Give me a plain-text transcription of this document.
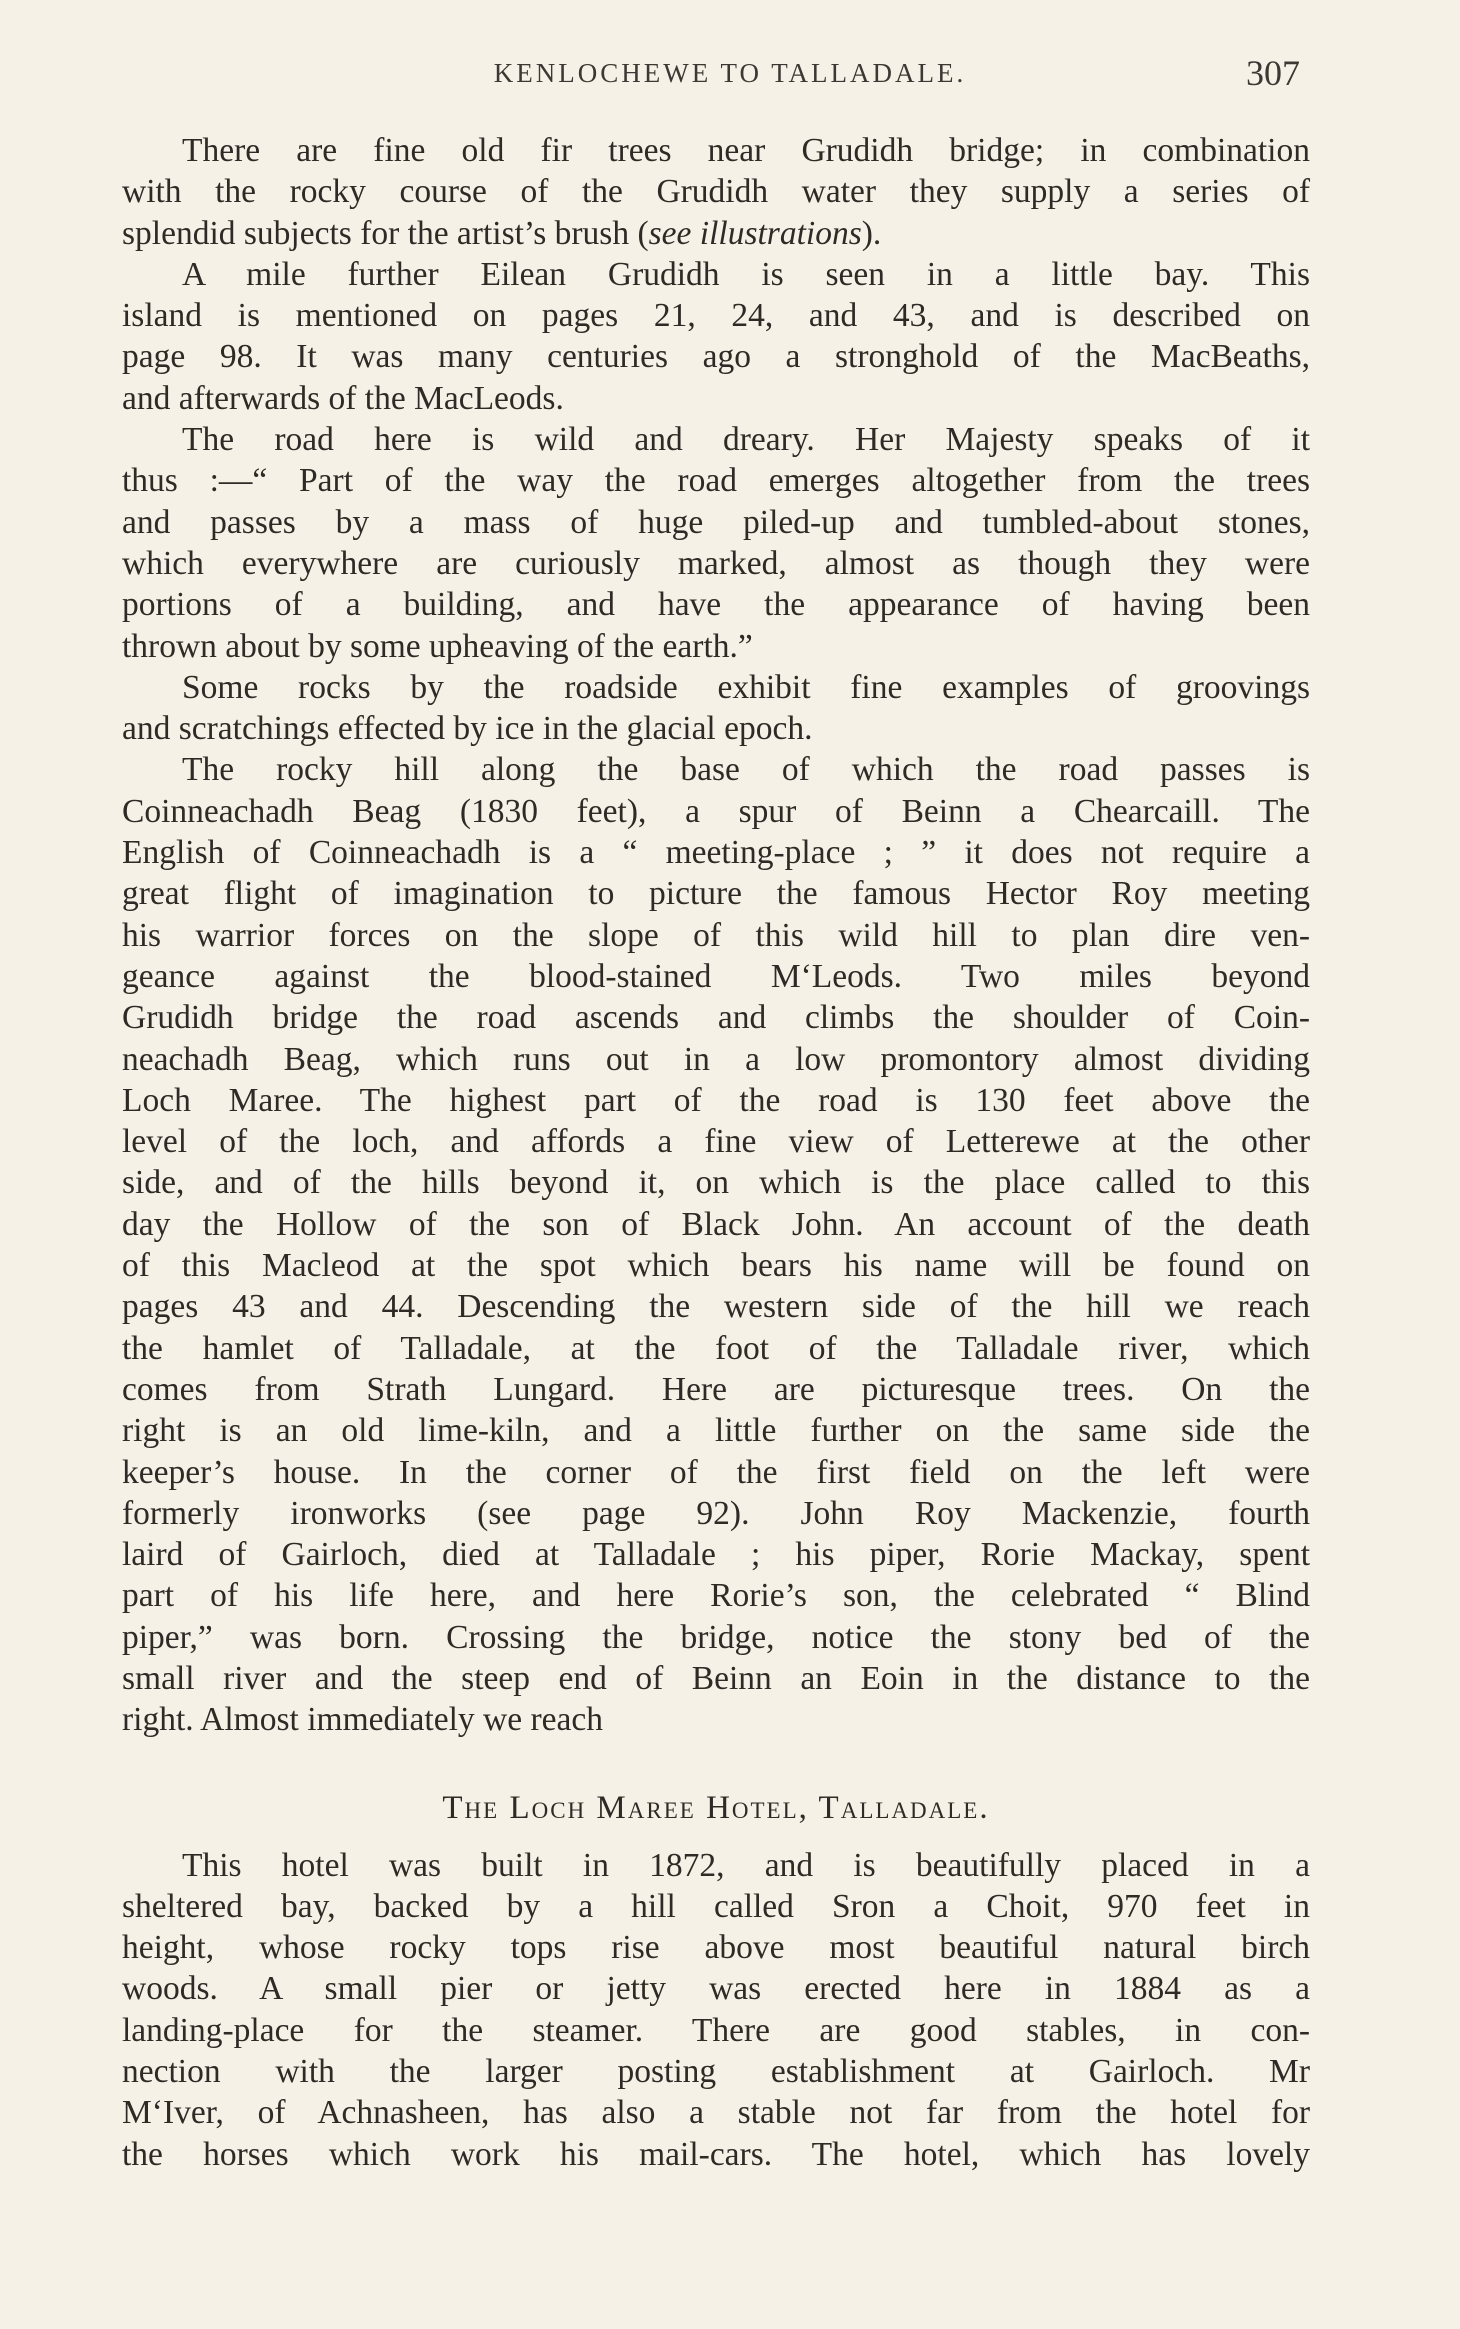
KENLOCHEWE TO TALLADALE.	307
There are fine old fir trees near Grudidh bridge; in combination
with the rocky course of the Grudidh water they supply a series of
splendid subjects for the artist’s brush (see illustrations).
A mile further Eilean Grudidh is seen in a little bay. This
island is mentioned on pages 21, 24, and 43, and is described on
page 98. It was many centuries ago a stronghold of the MacBeaths,
and afterwards of the MacLeods.
The road here is wild and dreary. Her Majesty speaks of it
thus :—“ Part of the way the road emerges altogether from the trees
and passes by a mass of huge piled-up and tumbled-about stones,
which everywhere are curiously marked, almost as though they were
portions of a building, and have the appearance of having been
thrown about by some upheaving of the earth.”
Some rocks by the roadside exhibit fine examples of groovings
and scratchings effected by ice in the glacial epoch.
The rocky hill along the base of which the road passes is
Coinneachadh Beag (1830 feet), a spur of Beinn a Chearcaill. The
English of Coinneachadh is a “ meeting-place ; ” it does not require a
great flight of imagination to picture the famous Hector Roy meeting
his warrior forces on the slope of this wild hill to plan dire ven-
geance against the blood-stained M‘Leods. Two miles beyond
Grudidh bridge the road ascends and climbs the shoulder of Coin-
neachadh Beag, which runs out in a low promontory almost dividing
Loch Maree. The highest part of the road is 130 feet above the
level of the loch, and affords a fine view of Letterewe at the other
side, and of the hills beyond it, on which is the place called to this
day the Hollow of the son of Black John. An account of the death
of this Macleod at the spot which bears his name will be found on
pages 43 and 44. Descending the western side of the hill we reach
the hamlet of Talladale, at the foot of the Talladale river, which
comes from Strath Lungard. Here are picturesque trees. On the
right is an old lime-kiln, and a little further on the same side the
keeper’s house. In the corner of the first field on the left were
formerly ironworks (see page 92). John Roy Mackenzie, fourth
laird of Gairloch, died at Talladale ; his piper, Rorie Mackay, spent
part of his life here, and here Rorie’s son, the celebrated “ Blind
piper,” was born. Crossing the bridge, notice the stony bed of the
small river and the steep end of Beinn an Eoin in the distance to the
right. Almost immediately we reach
The Loch Maree Hotel, Talladale.
This hotel was built in 1872, and is beautifully placed in a
sheltered bay, backed by a hill called Sron a Choit, 970 feet in
height, whose rocky tops rise above most beautiful natural birch
woods. A small pier or jetty was erected here in 1884 as a
landing-place for the steamer. There are good stables, in con-
nection with the larger posting establishment at Gairloch. Mr
M‘Iver, of Achnasheen, has also a stable not far from the hotel for
the horses which work his mail-cars. The hotel, which has lovely
